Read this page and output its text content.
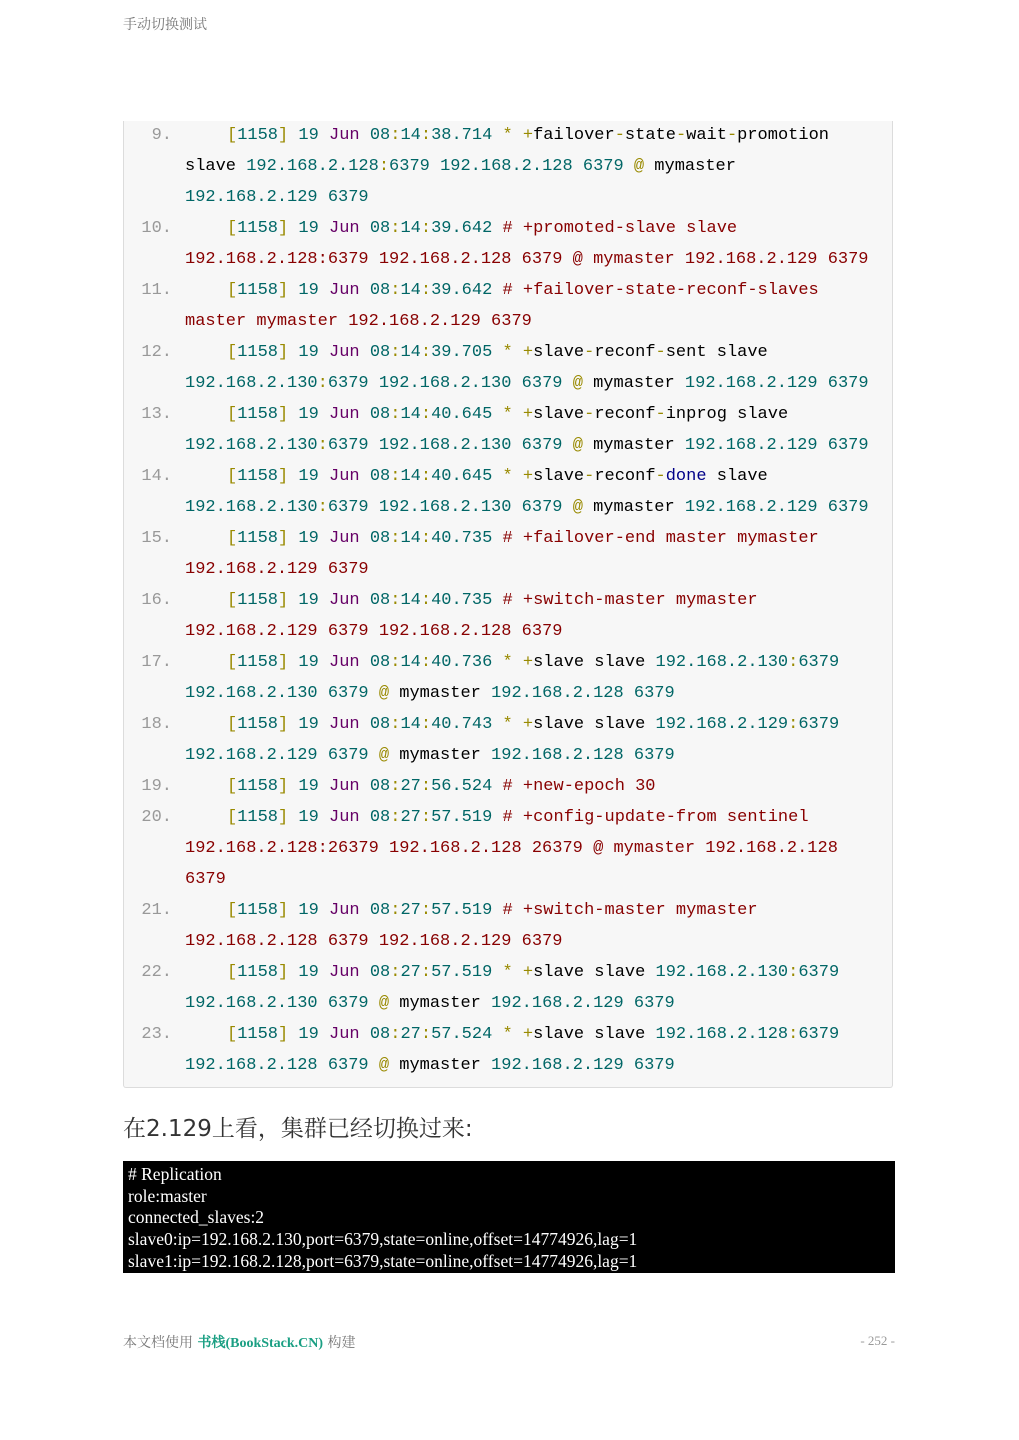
手动切换测试
9.	[1158] 19 Jun 08:14:38.714 * +failover-state-wait-promotion
slave 192.168.2.128:6379 192.168.2.128 6379 @ mymaster
192.168.2.129 6379
10.	[1158] 19 Jun 08:14:39.642 # +promoted-slave slave
192.168.2.128:6379 192.168.2.128 6379 @ mymaster 192.168.2.129 6379
11.	[1158] 19 Jun 08:14:39.642 # +failover-state-reconf-slaves
master mymaster 192.168.2.129 6379
12.	[1158] 19 Jun 08:14:39.705 * +slave-reconf-sent slave
192.168.2.130:6379 192.168.2.130 6379 @ mymaster 192.168.2.129 6379
13.	[1158] 19 Jun 08:14:40.645 * +slave-reconf-inprog slave
192.168.2.130:6379 192.168.2.130 6379 @ mymaster 192.168.2.129 6379
14.	[1158] 19 Jun 08:14:40.645 * +slave-reconf-done slave
192.168.2.130:6379 192.168.2.130 6379 @ mymaster 192.168.2.129 6379
15.	[1158] 19 Jun 08:14:40.735 # +failover-end master mymaster
192.168.2.129 6379
16.	[1158] 19 Jun 08:14:40.735 # +switch-master mymaster
192.168.2.129 6379 192.168.2.128 6379
17.	[1158] 19 Jun 08:14:40.736 * +slave slave 192.168.2.130:6379
192.168.2.130 6379 @ mymaster 192.168.2.128 6379
18.	[1158] 19 Jun 08:14:40.743 * +slave slave 192.168.2.129:6379
192.168.2.129 6379 @ mymaster 192.168.2.128 6379
19.	[1158] 19 Jun 08:27:56.524 # +new-epoch 30
20.	[1158] 19 Jun 08:27:57.519 # +config-update-from sentinel
192.168.2.128:26379 192.168.2.128 26379 @ mymaster 192.168.2.128
6379
21.	[1158] 19 Jun 08:27:57.519 # +switch-master mymaster
192.168.2.128 6379 192.168.2.129 6379
22.	[1158] 19 Jun 08:27:57.519 * +slave slave 192.168.2.130:6379
192.168.2.130 6379 @ mymaster 192.168.2.129 6379
23.	[1158] 19 Jun 08:27:57.524 * +slave slave 192.168.2.128:6379
192.168.2.128 6379 @ mymaster 192.168.2.129 6379
在2.129上看，集群已经切换过来:
# Replication
role:master
connected_slaves:2
slave0:ip=192.168.2.130,port=6379,state=online,offset=14774926,lag=1
slave1:ip=192.168.2.128,port=6379,state=online,offset=14774926,lag=1
本文档使用 书栈(BookStack.CN) 构建	- 252 -
